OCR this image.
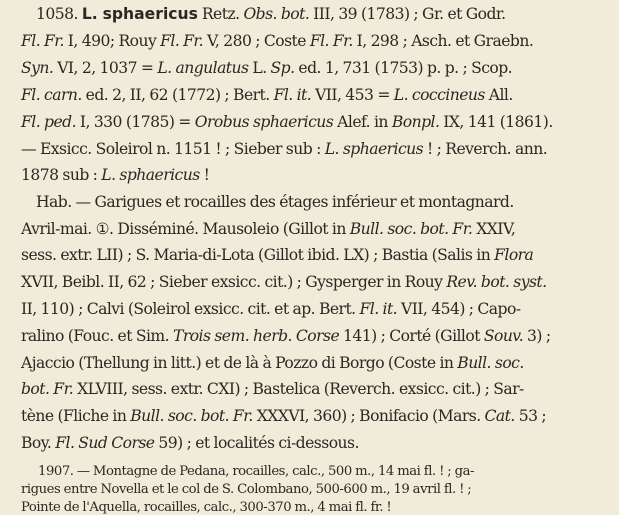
1058. L. sphaericus Retz. Obs. bot. III, 39 (1783) ; Gr. et Godr.
Fl. Fr. I, 490; Rouy Fl. Fr. V, 280 ; Coste Fl. Fr. I, 298 ; Asch. et Graebn.
Syn. VI, 2, 1037 = L. angulatus L. Sp. ed. 1, 731 (1753) p. p. ; Scop.
Fl. carn. ed. 2, II, 62 (1772) ; Bert. Fl. it. VII, 453 = L. coccineus All.
Fl. ped. I, 330 (1785) = Orobus sphaericus Alef. in Bonpl. IX, 141 (1861).
— Exsicc. Soleirol n. 1151 ! ; Sieber sub : L. sphaericus ! ; Reverch. ann.
1878 sub : L. sphaericus !
Hab. — Garigues et rocailles des étages inférieur et montagnard.
Avril-mai. ①. Disséminé. Mausoleio (Gillot in Bull. soc. bot. Fr. XXIV,
sess. extr. LII) ; S. Maria-di-Lota (Gillot ibid. LX) ; Bastia (Salis in Flora
XVII, Beibl. II, 62 ; Sieber exsicc. cit.) ; Gysperger in Rouy Rev. bot. syst.
II, 110) ; Calvi (Soleirol exsicc. cit. et ap. Bert. Fl. it. VII, 454) ; Capo-
ralino (Fouc. et Sim. Trois sem. herb. Corse 141) ; Corté (Gillot Souv. 3) ;
Ajaccio (Thellung in litt.) et de là à Pozzo di Borgo (Coste in Bull. soc.
bot. Fr. XLVIII, sess. extr. CXI) ; Bastelica (Reverch. exsicc. cit.) ; Sar-
tène (Fliche in Bull. soc. bot. Fr. XXXVI, 360) ; Bonifacio (Mars. Cat. 53 ;
Boy. Fl. Sud Corse 59) ; et localités ci-dessous.
1907. — Montagne de Pedana, rocailles, calc., 500 m., 14 mai fl. ! ; ga-
rigues entre Novella et le col de S. Colombano, 500-600 m., 19 avril fl. ! ;
Pointe de l'Aquella, rocailles, calc., 300-370 m., 4 mai fl. fr. !
